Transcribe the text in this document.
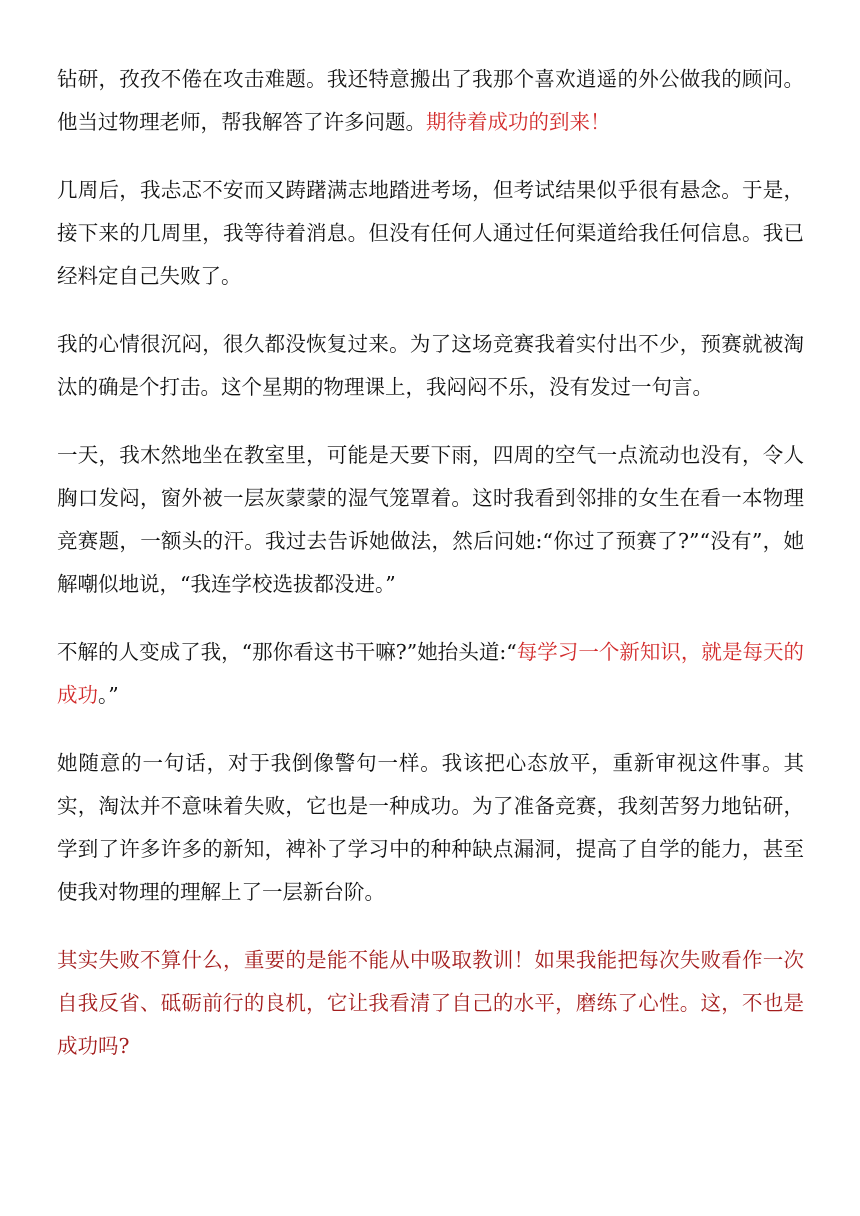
钻研，孜孜不倦在攻击难题。我还特意搬出了我那个喜欢逍遥的外公做我的顾问。他当过物理老师，帮我解答了许多问题。期待着成功的到来！

几周后，我忐忑不安而又踌躇满志地踏进考场，但考试结果似乎很有悬念。于是，接下来的几周里，我等待着消息。但没有任何人通过任何渠道给我任何信息。我已经料定自己失败了。

我的心情很沉闷，很久都没恢复过来。为了这场竞赛我着实付出不少，预赛就被淘汰的确是个打击。这个星期的物理课上，我闷闷不乐，没有发过一句言。

一天，我木然地坐在教室里，可能是天要下雨，四周的空气一点流动也没有，令人胸口发闷，窗外被一层灰蒙蒙的湿气笼罩着。这时我看到邻排的女生在看一本物理竞赛题，一额头的汗。我过去告诉她做法，然后问她:“你过了预赛了?”“没有”，她解嘲似地说，“我连学校选拔都没进。”

不解的人变成了我，“那你看这书干嘛?”她抬头道:“每学习一个新知识，就是每天的成功。”

她随意的一句话，对于我倒像警句一样。我该把心态放平，重新审视这件事。其实，淘汰并不意味着失败，它也是一种成功。为了准备竞赛，我刻苦努力地钻研，学到了许多许多的新知，裨补了学习中的种种缺点漏洞，提高了自学的能力，甚至使我对物理的理解上了一层新台阶。

其实失败不算什么，重要的是能不能从中吸取教训！如果我能把每次失败看作一次自我反省、砥砺前行的良机，它让我看清了自己的水平，磨练了心性。这，不也是成功吗?
